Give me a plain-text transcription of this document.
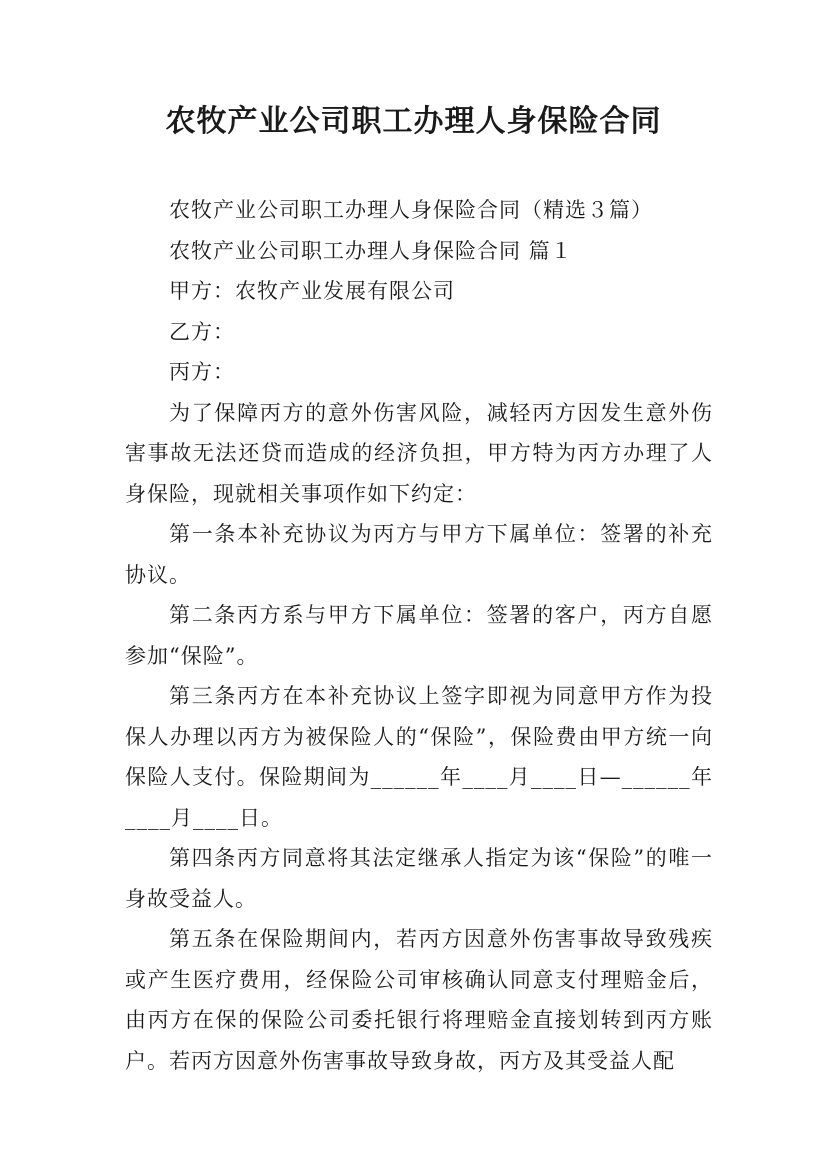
农牧产业公司职工办理人身保险合同

农牧产业公司职工办理人身保险合同（精选３篇）

农牧产业公司职工办理人身保险合同 篇１

甲方：农牧产业发展有限公司

乙方：

丙方：

为了保障丙方的意外伤害风险，减轻丙方因发生意外伤害事故无法还贷而造成的经济负担，甲方特为丙方办理了人身保险，现就相关事项作如下约定：

第一条本补充协议为丙方与甲方下属单位：签署的补充协议。

第二条丙方系与甲方下属单位：签署的客户，丙方自愿参加“保险”。

第三条丙方在本补充协议上签字即视为同意甲方作为投保人办理以丙方为被保险人的“保险”，保险费由甲方统一向保险人支付。保险期间为______年____月____日—______年____月____日。

第四条丙方同意将其法定继承人指定为该“保险”的唯一身故受益人。

第五条在保险期间内，若丙方因意外伤害事故导致残疾或产生医疗费用，经保险公司审核确认同意支付理赔金后，由丙方在保的保险公司委托银行将理赔金直接划转到丙方账户。若丙方因意外伤害事故导致身故，丙方及其受益人配
